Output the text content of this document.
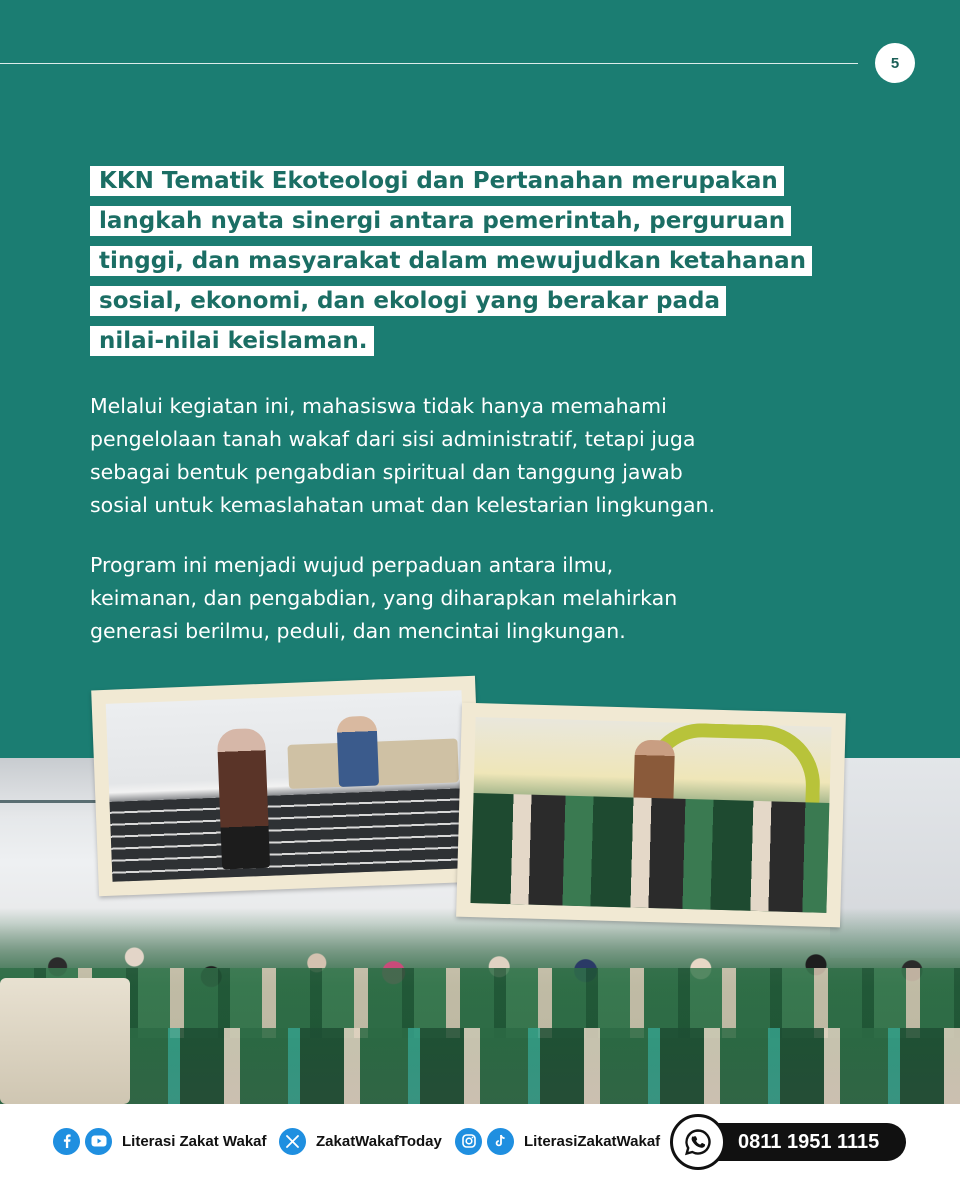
5
KKN Tematik Ekoteologi dan Pertanahan merupakan
langkah nyata sinergi antara pemerintah, perguruan
tinggi, dan masyarakat dalam mewujudkan ketahanan
sosial, ekonomi, dan ekologi yang berakar pada
nilai-nilai keislaman.
Melalui kegiatan ini, mahasiswa tidak hanya memahami
pengelolaan tanah wakaf dari sisi administratif, tetapi juga
sebagai bentuk pengabdian spiritual dan tanggung jawab
sosial untuk kemaslahatan umat dan kelestarian lingkungan.
Program ini menjadi wujud perpaduan antara ilmu,
keimanan, dan pengabdian, yang diharapkan melahirkan
generasi berilmu, peduli, dan mencintai lingkungan.
Literasi Zakat Wakaf	ZakatWakafToday	LiterasiZakatWakaf	0811 1951 1115
